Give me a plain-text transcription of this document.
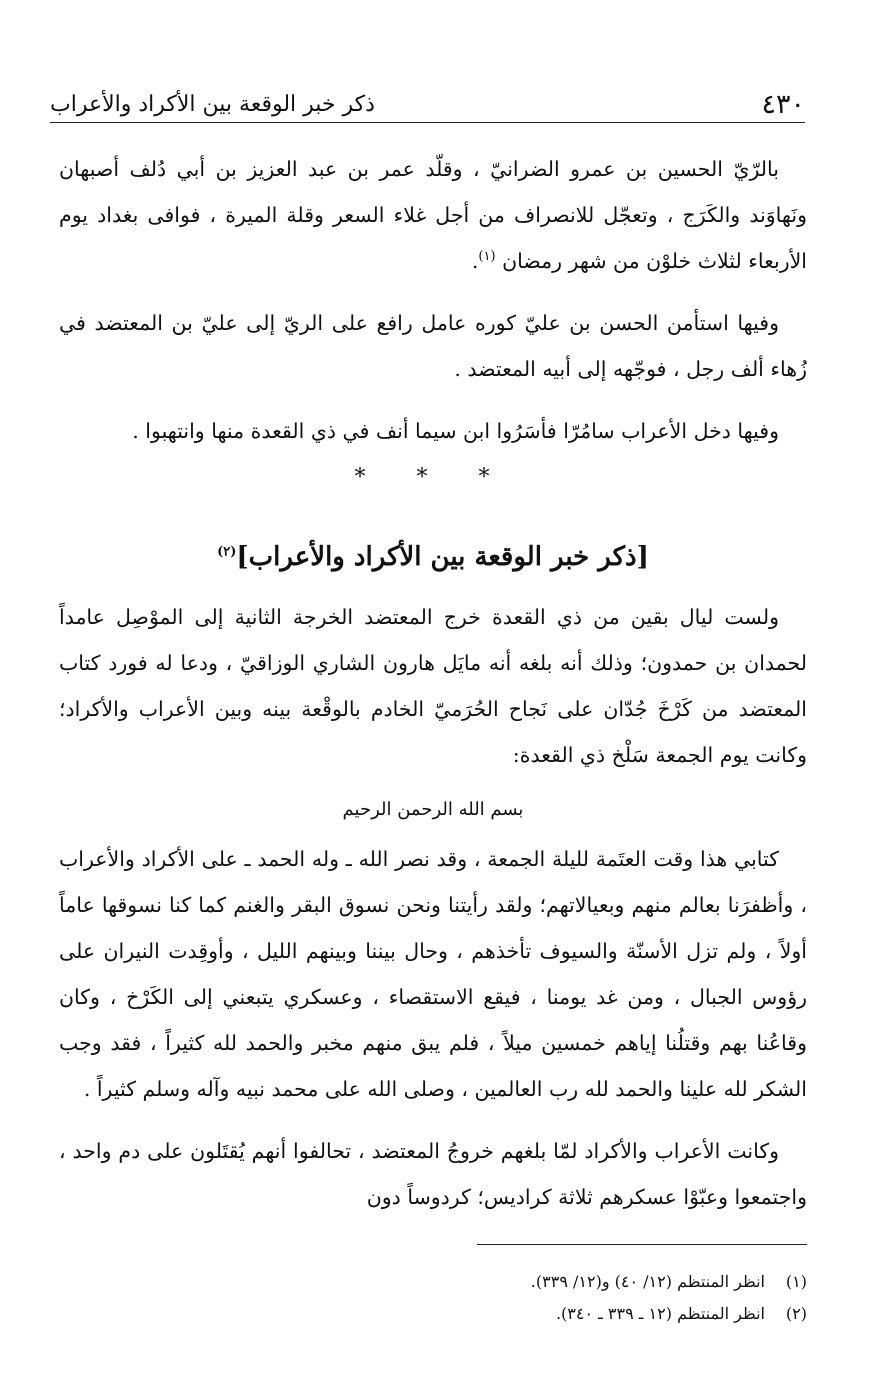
٤٣٠
ذكر خبر الوقعة بين الأكراد والأعراب

بالرّيّ الحسين بن عمرو الضرانيّ ، وقلّد عمر بن عبد العزيز بن أبي دُلف أصبهان ونَهاوَند والكَرَج ، وتعجّل للانصراف من أجل غلاء السعر وقلة الميرة ، فوافى بغداد يوم الأربعاء لثلاث خلوْن من شهر رمضان $^{(١)}$.

وفيها استأمن الحسن بن عليّ كوره عامل رافع على الريّ إلى عليّ بن المعتضد في زُهاء ألف رجل ، فوجّهه إلى أبيه المعتضد .

وفيها دخل الأعراب سامُرّا فأسَرُوا ابن سيما أنف في ذي القعدة منها وانتهبوا .

* * *
[ذكر خبر الوقعة بين الأكراد والأعراب]$^{(٢)}$

ولست ليال بقين من ذي القعدة خرج المعتضد الخرجة الثانية إلى الموْصِل عامداً لحمدان بن حمدون؛ وذلك أنه بلغه أنه مايَل هارون الشاري الوزاقيّ ، ودعا له فورد كتاب المعتضد من كَرْخَ جُدّان على نَجاح الحُرَميّ الخادم بالوقْعة بينه وبين الأعراب والأكراد؛ وكانت يوم الجمعة سَلْخ ذي القعدة:

بسم الله الرحمن الرحيم

كتابي هذا وقت العتَمة لليلة الجمعة ، وقد نصر الله ـ وله الحمد ـ على الأكراد والأعراب ، وأظفرَنا بعالم منهم وبعيالاتهم؛ ولقد رأيتنا ونحن نسوق البقر والغنم كما كنا نسوقها عاماً أولاً ، ولم تزل الأسنّة والسيوف تأخذهم ، وحال بيننا وبينهم الليل ، وأوقِدت النيران على رؤوس الجبال ، ومن غد يومنا ، فيقع الاستقصاء ، وعسكري يتبعني إلى الكَرْخ ، وكان وقاعُنا بهم وقتلُنا إياهم خمسين ميلاً ، فلم يبق منهم مخبر والحمد لله كثيراً ، فقد وجب الشكر لله علينا والحمد لله رب العالمين ، وصلى الله على محمد نبيه وآله وسلم كثيراً .

وكانت الأعراب والأكراد لمّا بلغهم خروجُ المعتضد ، تحالفوا أنهم يُقتَلون على دم واحد ، واجتمعوا وعبّوْا عسكرهم ثلاثة كراديس؛ كردوساً دون

(١)
انظر المنتظم (١٢/ ٤٠) و(١٢/ ٣٣٩).
(٢)
انظر المنتظم (١٢ ـ ٣٣٩ ـ ٣٤٠).
